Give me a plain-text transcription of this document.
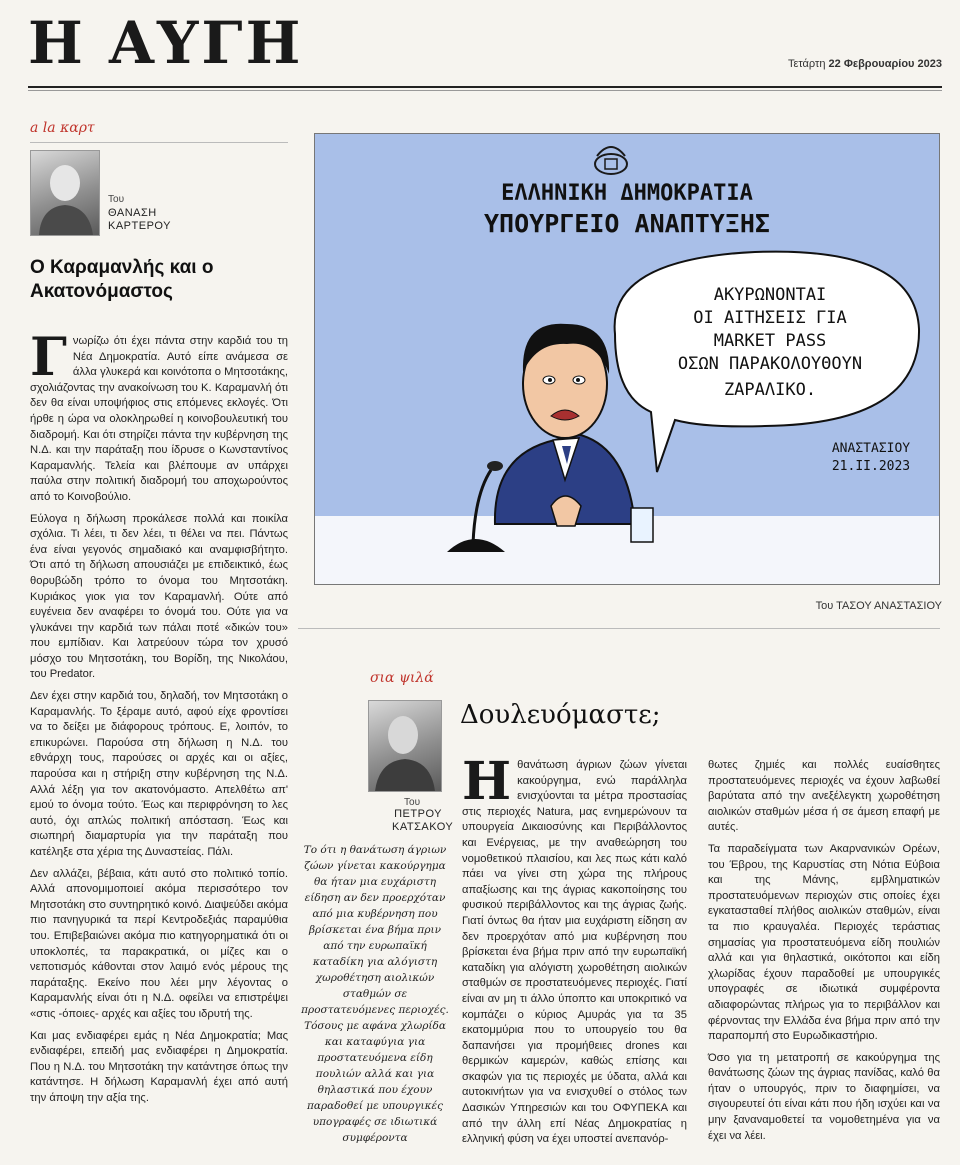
Η ΑΥΓΗ	Τετάρτη 22 Φεβρουαρίου 2023
a la καρτ
Του
ΘΑΝΑΣΗ
ΚΑΡΤΕΡΟΥ
Ο Καραμανλής και ο Ακατονόμαστος

Γνωρίζω ότι έχει πάντα στην καρδιά του τη Νέα Δημοκρατία. Αυτό είπε ανάμεσα σε άλλα γλυκερά και κοινότοπα ο Μητσοτάκης, σχολιάζοντας την ανακοίνωση του Κ. Καραμανλή ότι δεν θα είναι υποψήφιος στις επόμενες εκλογές. Ότι ήρθε η ώρα να ολοκληρωθεί η κοινοβουλευτική του διαδρομή. Και ότι στηρίζει πάντα την κυβέρνηση της Ν.Δ. και την παράταξη που ίδρυσε ο Κωνσταντίνος Καραμανλής. Τελεία και βλέπουμε αν υπάρχει παύλα στην πολιτική διαδρομή του αποχωρούντος από το Κοινοβούλιο.

Εύλογα η δήλωση προκάλεσε πολλά και ποικίλα σχόλια. Τι λέει, τι δεν λέει, τι θέλει να πει. Πάντως ένα είναι γεγονός σημαδιακό και αναμφισβήτητο. Ότι από τη δήλωση απουσιάζει με επιδεικτικό, έως θορυβώδη τρόπο το όνομα του Μητσοτάκη. Κυριάκος γιοκ για τον Καραμανλή. Ούτε από ευγένεια δεν αναφέρει το όνομά του. Ούτε για να γλυκάνει την καρδιά των πάλαι ποτέ «δικών του» που εμπίδιαν. Και λατρεύουν τώρα τον χρυσό μόσχο του Μητσοτάκη, του Βορίδη, της Νικολάου, του Predator.

Δεν έχει στην καρδιά του, δηλαδή, τον Μητσοτάκη ο Καραμανλής. Το ξέραμε αυτό, αφού είχε φροντίσει να το δείξει με διάφορους τρόπους. Ε, λοιπόν, το επικυρώνει. Παρούσα στη δήλωση η Ν.Δ. του εθνάρχη τους, παρούσες οι αρχές και οι αξίες, παρούσα και η στήριξη στην κυβέρνηση της Ν.Δ. Αλλά λέξη για τον ακατονόμαστο. Απελθέτω απ' εμού το όνομα τούτο. Έως και περιφρόνηση το λες αυτό, όχι απλώς πολιτική απόσταση. Έως και σιωπηρή διαμαρτυρία για την παράταξη που κατέληξε στα χέρια της Δυναστείας. Πάλι.

Δεν αλλάζει, βέβαια, κάτι αυτό στο πολιτικό τοπίο. Αλλά απονομιμοποιεί ακόμα περισσότερο τον Μητσοτάκη στο συντηρητικό κοινό. Διαψεύδει ακόμα πιο πανηγυρικά τα περί Κεντροδεξιάς παραμύθια του. Επιβεβαιώνει ακόμα πιο κατηγορηματικά ότι οι υποκλοπές, τα παρακρατικά, οι μίζες και ο νεποτισμός κάθονται στον λαιμό ενός μέρους της παράταξης. Εκείνο που λέει μην λέγοντας ο Καραμανλής είναι ότι η Ν.Δ. οφείλει να επιστρέψει «στις -όποιες- αρχές και αξίες του ιδρυτή της.

Και μας ενδιαφέρει εμάς η Νέα Δημοκρατία; Μας ενδιαφέρει, επειδή μας ενδιαφέρει η Δημοκρατία. Που η Ν.Δ. του Μητσοτάκη την κατάντησε όπως την κατάντησε. Η δήλωση Καραμανλή έχει από αυτή την άποψη την αξία της.

ΕΛΛΗΝΙΚΗ ΔΗΜΟΚΡΑΤΙΑ
ΥΠΟΥΡΓΕΙΟ ΑΝΑΠΤΥΞΗΣ
ΑΚΥΡΩΝΟΝΤΑΙ
ΟΙ ΑΙΤΗΣΕΙΣ ΓΙΑ
MARKET PASS
ΟΣΩΝ ΠΑΡΑΚΟΛΟΥΘΟΥΝ
ΖΑΡΑΛΙΚΟ.
ΑΝΑΣΤΑΣΙΟΥ
21.II.2023
Του ΤΑΣΟΥ ΑΝΑΣΤΑΣΙΟΥ
σια ψιλά
Του
ΠΕΤΡΟΥ
ΚΑΤΣΑΚΟΥ
Δουλευόμαστε;
Το ότι η θανάτωση άγριων ζώων γίνεται κακούργημα θα ήταν μια ευχάριστη είδηση αν δεν προερχόταν από μια κυβέρνηση που βρίσκεται ένα βήμα πριν από την ευρωπαϊκή καταδίκη για αλόγιστη χωροθέτηση αιολικών σταθμών σε προστατευόμενες περιοχές. Τόσους με αφάνα χλωρίδα και καταφύγια για προστατευόμενα είδη πουλιών αλλά και για θηλαστικά που έχουν παραδοθεί με υπουργικές υπογραφές σε ιδιωτικά συμφέροντα

Ηθανάτωση άγριων ζώων γίνεται κακούργημα, ενώ παράλληλα ενισχύονται τα μέτρα προστασίας στις περιοχές Natura, μας ενημερώνουν τα υπουργεία Δικαιοσύνης και Περιβάλλοντος και Ενέργειας, με την αναθεώρηση του νομοθετικού πλαισίου, και λες πως κάτι καλό πάει να γίνει στη χώρα της πλήρους απαξίωσης και της άγριας κακοποίησης του φυσικού περιβάλλοντος και της άγριας ζωής. Γιατί όντως θα ήταν μια ευχάριστη είδηση αν δεν προερχόταν από μια κυβέρνηση που βρίσκεται ένα βήμα πριν από την ευρωπαϊκή καταδίκη για αλόγιστη χωροθέτηση αιολικών σταθμών σε προστατευόμενες περιοχές. Γιατί είναι αν μη τι άλλο ύποπτο και υποκριτικό να κομπάζει ο κύριος Αμυράς για τα 35 εκατομμύρια που το υπουργείο του θα δαπανήσει για προμήθειες drones και θερμικών καμερών, καθώς επίσης και σκαφών για τις περιοχές με ύδατα, αλλά και αυτοκινήτων για να ενισχυθεί ο στόλος των Δασικών Υπηρεσιών και του ΟΦΥΠΕΚΑ και από την άλλη επί Νέας Δημοκρατίας η ελληνική φύση να έχει υποστεί ανεπανόρ-

θωτες ζημιές και πολλές ευαίσθητες προστατευόμενες περιοχές να έχουν λαβωθεί βαρύτατα από την ανεξέλεγκτη χωροθέτηση αιολικών σταθμών μέσα ή σε άμεση επαφή με αυτές.

Τα παραδείγματα των Ακαρνανικών Ορέων, του Έβρου, της Καρυστίας στη Νότια Εύβοια και της Μάνης, εμβληματικών προστατευόμενων περιοχών στις οποίες έχει εγκατασταθεί πλήθος αιολικών σταθμών, είναι τα πιο κραυγαλέα. Περιοχές τεράστιας σημασίας για προστατευόμενα είδη πουλιών αλλά και για θηλαστικά, οικότοποι και είδη χλωρίδας έχουν παραδοθεί με υπουργικές υπογραφές σε ιδιωτικά συμφέροντα αδιαφορώντας πλήρως για το περιβάλλον και φέρνοντας την Ελλάδα ένα βήμα πριν από την παραπομπή στο Ευρωδικαστήριο.

Όσο για τη μετατροπή σε κακούργημα της θανάτωσης ζώων της άγριας πανίδας, καλό θα ήταν ο υπουργός, πριν το διαφημίσει, να σιγουρευτεί ότι είναι κάτι που ήδη ισχύει και να μην ξαναναμοθετεί τα νομοθετημένα για να έχει να λέει.
